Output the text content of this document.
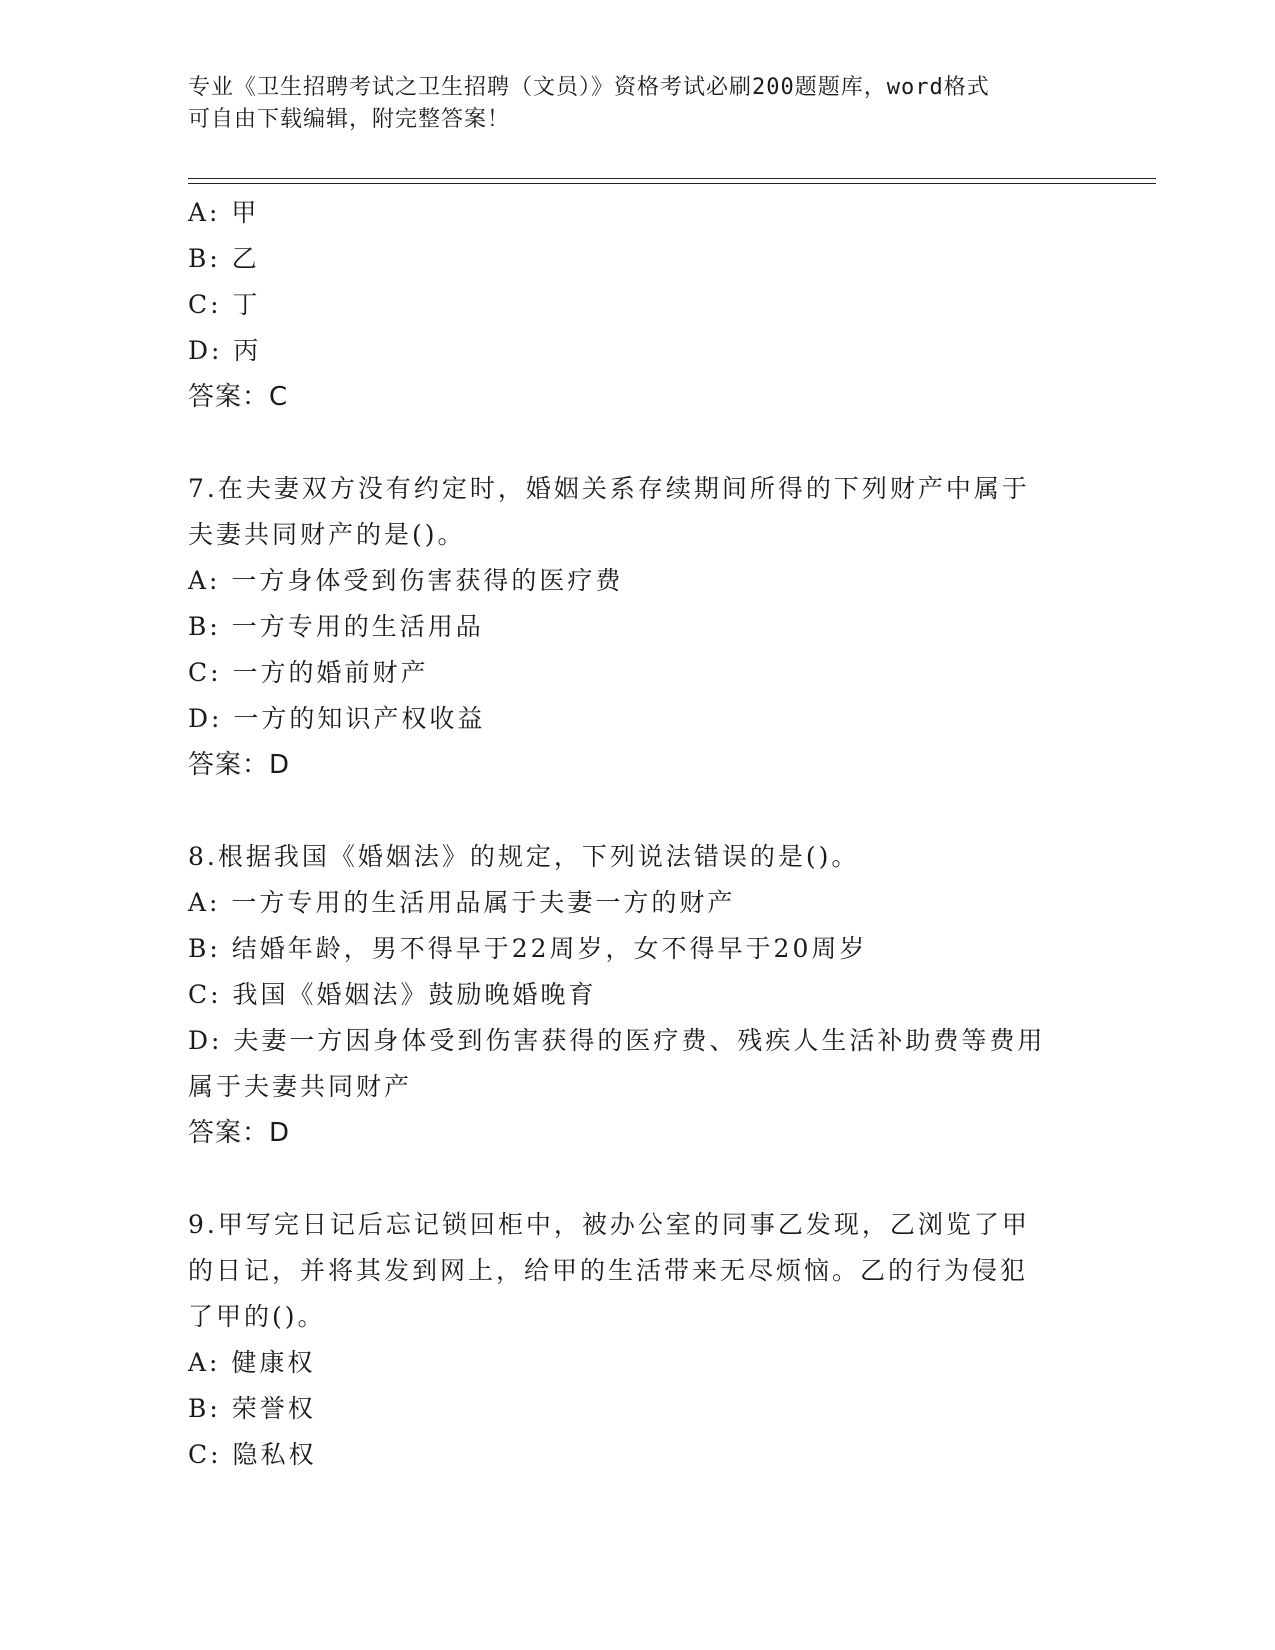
专业《卫生招聘考试之卫生招聘（文员）》资格考试必刷200题题库，word格式
可自由下载编辑，附完整答案！
A: 甲
B: 乙
C: 丁
D: 丙
答案：C
7.在夫妻双方没有约定时，婚姻关系存续期间所得的下列财产中属于
夫妻共同财产的是()。
A: 一方身体受到伤害获得的医疗费
B: 一方专用的生活用品
C: 一方的婚前财产
D: 一方的知识产权收益
答案：D
8.根据我国《婚姻法》的规定，下列说法错误的是()。
A: 一方专用的生活用品属于夫妻一方的财产
B: 结婚年龄，男不得早于22周岁，女不得早于20周岁
C: 我国《婚姻法》鼓励晚婚晚育
D: 夫妻一方因身体受到伤害获得的医疗费、残疾人生活补助费等费用
属于夫妻共同财产
答案：D
9.甲写完日记后忘记锁回柜中，被办公室的同事乙发现，乙浏览了甲
的日记，并将其发到网上，给甲的生活带来无尽烦恼。乙的行为侵犯
了甲的()。
A: 健康权
B: 荣誉权
C: 隐私权
